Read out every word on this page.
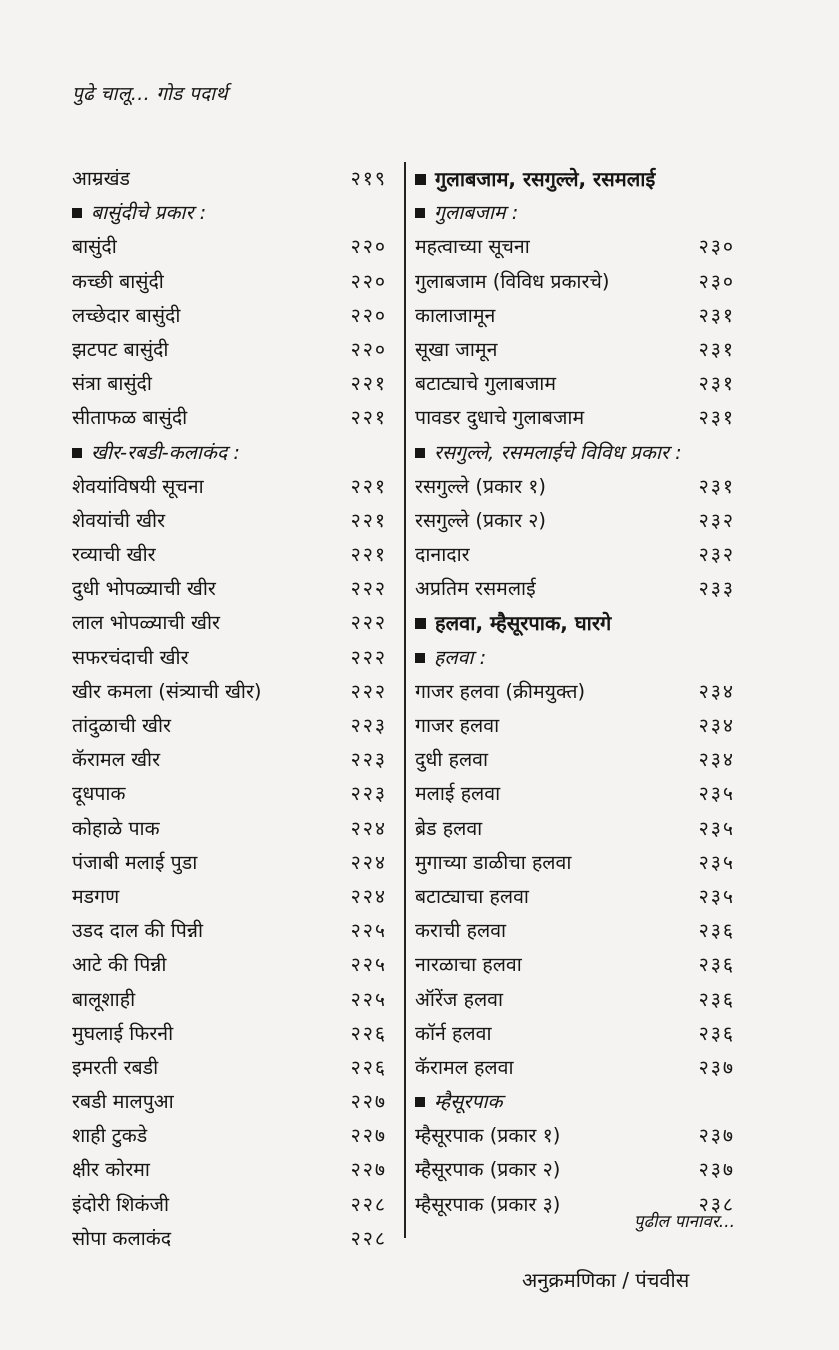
पुढे चालू... गोड पदार्थ
आम्रखंड	२१९
बासुंदीचे प्रकार :
बासुंदी	२२०
कच्छी बासुंदी	२२०
लच्छेदार बासुंदी	२२०
झटपट बासुंदी	२२०
संत्रा बासुंदी	२२१
सीताफळ बासुंदी	२२१
खीर-रबडी-कलाकंद :
शेवयांविषयी सूचना	२२१
शेवयांची खीर	२२१
रव्याची खीर	२२१
दुधी भोपळ्याची खीर	२२२
लाल भोपळ्याची खीर	२२२
सफरचंदाची खीर	२२२
खीर कमला (संत्र्याची खीर)	२२२
तांदुळाची खीर	२२३
कॅरामल खीर	२२३
दूधपाक	२२३
कोहाळे पाक	२२४
पंजाबी मलाई पुडा	२२४
मडगण	२२४
उडद दाल की पिन्नी	२२५
आटे की पिन्नी	२२५
बालूशाही	२२५
मुघलाई फिरनी	२२६
इमरती रबडी	२२६
रबडी मालपुआ	२२७
शाही टुकडे	२२७
क्षीर कोरमा	२२७
इंदोरी शिकंजी	२२८
सोपा कलाकंद	२२८
गुलाबजाम, रसगुल्ले, रसमलाई
गुलाबजाम :
महत्वाच्या सूचना	२३०
गुलाबजाम (विविध प्रकारचे)	२३०
कालाजामून	२३१
सूखा जामून	२३१
बटाट्याचे गुलाबजाम	२३१
पावडर दुधाचे गुलाबजाम	२३१
रसगुल्ले, रसमलाईचे विविध प्रकार :
रसगुल्ले (प्रकार १)	२३१
रसगुल्ले (प्रकार २)	२३२
दानादार	२३२
अप्रतिम रसमलाई	२३३
हलवा, म्हैसूरपाक, घारगे
हलवा :
गाजर हलवा (क्रीमयुक्त)	२३४
गाजर हलवा	२३४
दुधी हलवा	२३४
मलाई हलवा	२३५
ब्रेड हलवा	२३५
मुगाच्या डाळीचा हलवा	२३५
बटाट्याचा हलवा	२३५
कराची हलवा	२३६
नारळाचा हलवा	२३६
ऑरेंज हलवा	२३६
कॉर्न हलवा	२३६
कॅरामल हलवा	२३७
म्हैसूरपाक
म्हैसूरपाक (प्रकार १)	२३७
म्हैसूरपाक (प्रकार २)	२३७
म्हैसूरपाक (प्रकार ३)	२३८
पुढील पानावर...
अनुक्रमणिका / पंचवीस
